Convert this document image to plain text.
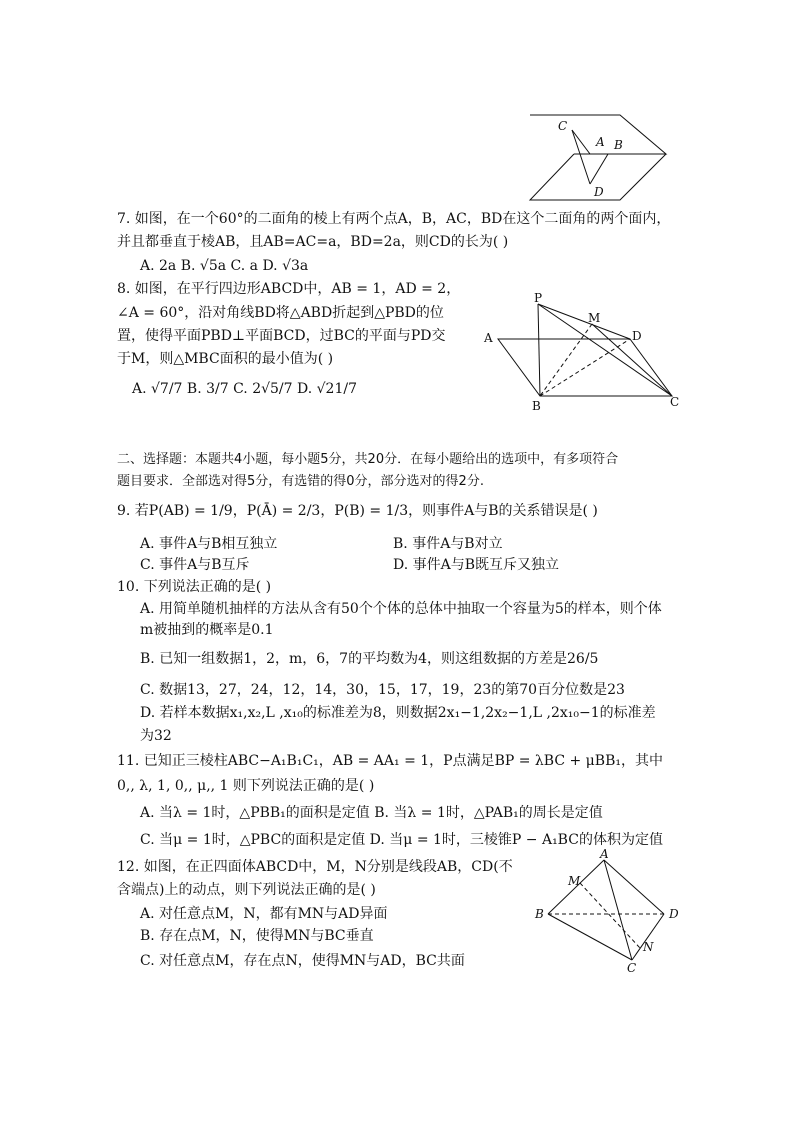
C
A B
D
7. 如图，在一个60°的二面角的棱上有两个点A，B，AC，BD在这个二面角的两个面内，
并且都垂直于棱AB，且AB=AC=a，BD=2a，则CD的长为( )
A. 2a B. √5a C. a D. √3a
8. 如图，在平行四边形ABCD中，AB = 1，AD = 2，
∠A = 60°，沿对角线BD将△ABD折起到△PBD的位
置，使得平面PBD⊥平面BCD，过BC的平面与PD交
于M，则△MBC面积的最小值为( )
A. √7/7 B. 3/7 C. 2√5/7 D. √21/7
P
M
A	D
B	C
二、选择题：本题共4小题，每小题5分，共20分．在每小题给出的选项中，有多项符合
题目要求．全部选对得5分，有选错的得0分，部分选对的得2分.
9. 若P(AB) = 1/9，P(Ā) = 2/3，P(B) = 1/3，则事件A与B的关系错误是( )
A. 事件A与B相互独立	B. 事件A与B对立
C. 事件A与B互斥	D. 事件A与B既互斥又独立
10. 下列说法正确的是( )
A. 用简单随机抽样的方法从含有50个个体的总体中抽取一个容量为5的样本，则个体
m被抽到的概率是0.1
B. 已知一组数据1，2，m，6，7的平均数为4，则这组数据的方差是26/5
C. 数据13，27，24，12，14，30，15，17，19，23的第70百分位数是23
D. 若样本数据x₁,x₂,L ,x₁₀的标准差为8，则数据2x₁−1,2x₂−1,L ,2x₁₀−1的标准差
为32
11. 已知正三棱柱ABC−A₁B₁C₁，AB = AA₁ = 1，P点满足BP = λBC + μBB₁，其中
0,, λ, 1, 0,, μ,, 1 则下列说法正确的是( )
A. 当λ = 1时，△PBB₁的面积是定值 B. 当λ = 1时，△PAB₁的周长是定值
C. 当μ = 1时，△PBC的面积是定值 D. 当μ = 1时，三棱锥P − A₁BC的体积为定值
12. 如图，在正四面体ABCD中，M，N分别是线段AB，CD(不
含端点)上的动点，则下列说法正确的是( )
A. 对任意点M，N，都有MN与AD异面
B. 存在点M，N，使得MN与BC垂直
C. 对任意点M，存在点N，使得MN与AD，BC共面
A
M
B	D
N
C
